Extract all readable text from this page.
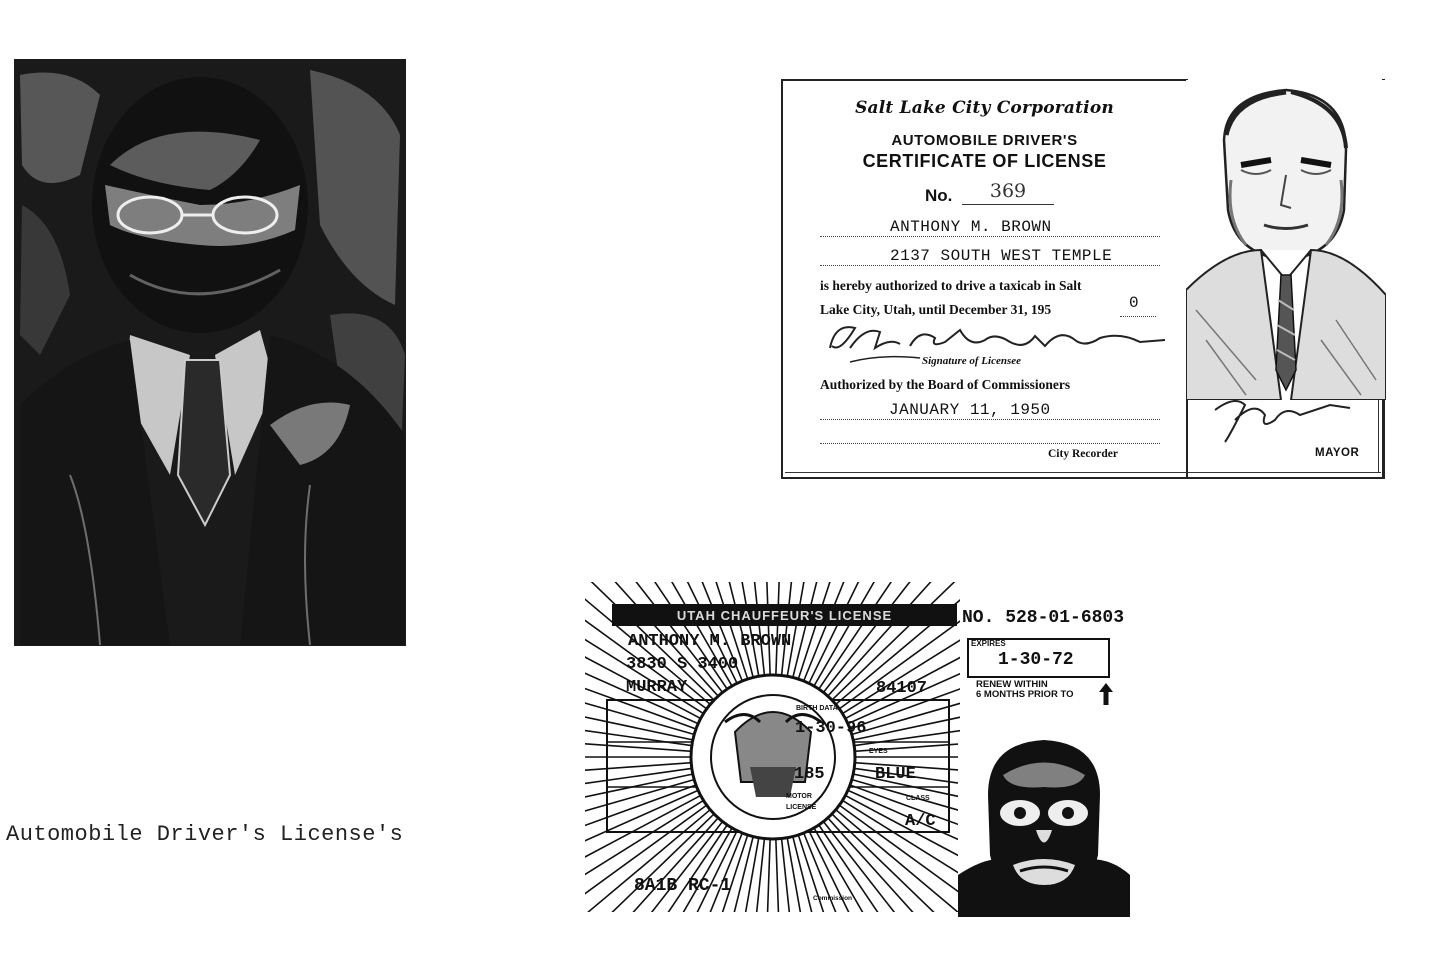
Automobile Driver's License's
Salt Lake City Corporation
AUTOMOBILE DRIVER'S
CERTIFICATE OF LICENSE
No.	369
ANTHONY M. BROWN
2137 SOUTH WEST TEMPLE
is hereby authorized to drive a taxicab in Salt
Lake City, Utah, until December 31, 195	0
Signature of Licensee
Authorized by the Board of Commissioners
JANUARY 11, 1950
City Recorder	MAYOR
UTAH CHAUFFEUR'S LICENSE
ANTHONY M. BROWN
3830 S 3400
MURRAY	84107
BIRTH DATA
1-30-96
185
EYES
BLUE
MOTOR
LICENSE
CLASS
A/C
8A1B RC-1
Commission
NO. 528-01-6803
EXPIRES
1-30-72
RENEW WITHIN
6 MONTHS PRIOR TO
